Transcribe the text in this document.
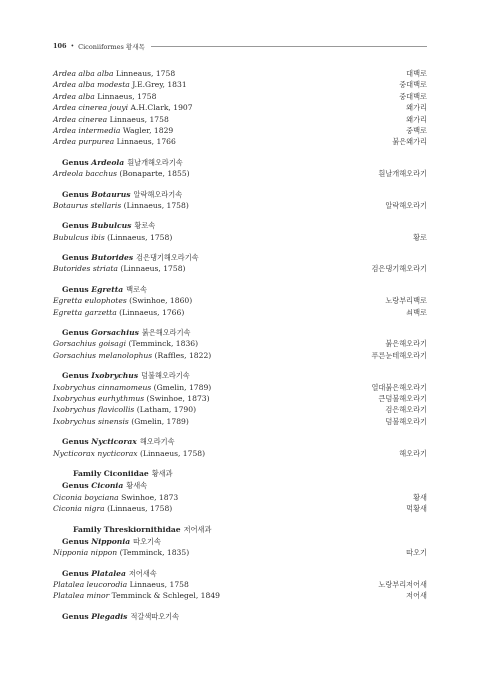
106 • Ciconiiformes 황새목
Ardea alba alba Linneaus, 1758	대백로
Ardea alba modesta J.E.Grey, 1831	중대백로
Ardea alba Linnaeus, 1758	중대백로
Ardea cinerea jouyi A.H.Clark, 1907	왜가리
Ardea cinerea Linnaeus, 1758	왜가리
Ardea intermedia Wagler, 1829	중백로
Ardea purpurea Linnaeus, 1766	붉은왜가리
Genus Ardeola 흰날개해오라기속
Ardeola bacchus (Bonaparte, 1855)	흰날개해오라기
Genus Botaurus 알락해오라기속
Botaurus stellaris (Linnaeus, 1758)	알락해오라기
Genus Bubulcus 황로속
Bubulcus ibis (Linnaeus, 1758)	황로
Genus Butorides 검은댕기해오라기속
Butorides striata (Linnaeus, 1758)	검은댕기해오라기
Genus Egretta 백로속
Egretta eulophotes (Swinhoe, 1860)	노랑부리백로
Egretta garzetta (Linnaeus, 1766)	쇠백로
Genus Gorsachius 붉은해오라기속
Gorsachius goisagi (Temminck, 1836)	붉은해오라기
Gorsachius melanolophus (Raffles, 1822)	푸른눈테해오라기
Genus Ixobrychus 덤불해오라기속
Ixobrychus cinnamomeus (Gmelin, 1789)	열대붉은해오라기
Ixobrychus eurhythmus (Swinhoe, 1873)	큰덤불해오라기
Ixobrychus flavicollis (Latham, 1790)	검은해오라기
Ixobrychus sinensis (Gmelin, 1789)	덤불해오라기
Genus Nycticorax 해오라기속
Nycticorax nycticorax (Linnaeus, 1758)	해오라기
Family Ciconiidae 황새과
Genus Ciconia 황새속
Ciconia boyciana Swinhoe, 1873	황새
Ciconia nigra (Linnaeus, 1758)	먹황새
Family Threskiornithidae 저어새과
Genus Nipponia 따오기속
Nipponia nippon (Temminck, 1835)	따오기
Genus Platalea 저어새속
Platalea leucorodia Linnaeus, 1758	노랑부리저어새
Platalea minor Temminck & Schlegel, 1849	저어새
Genus Plegadis 적갈색따오기속
